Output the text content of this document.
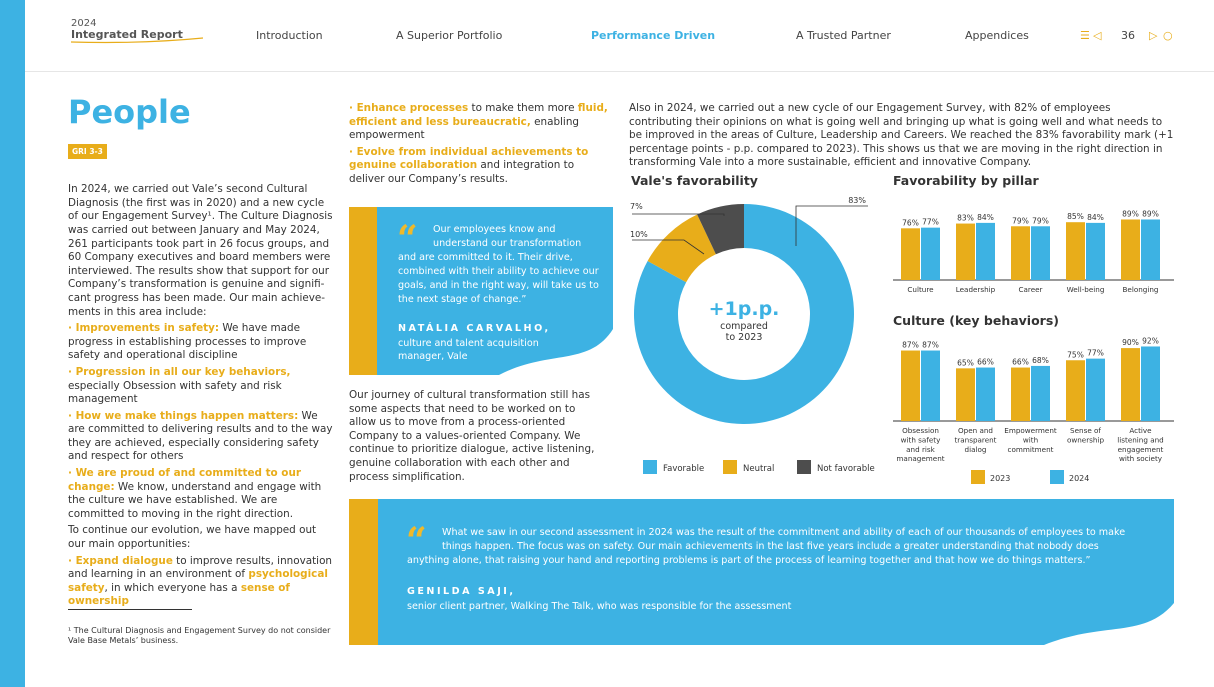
2024
Integrated Report	Introduction	A Superior Portfolio	Performance Driven	A Trusted Partner	Appendices	☰ ◁ 36 ▷ ○
People
GRI 3-3

In 2024, we carried out Vale’s second Cultural Diagnosis (the first was in 2020) and a new cycle of our Engagement Survey¹. The Culture Diagnosis was carried out between January and May 2024, 261 participants took part in 26 focus groups, and 60 Company executives and board members were interviewed. The results show that support for our Company’s transformation is genuine and signifi-cant progress has been made. Our main achieve-ments in this area include:

· Improvements in safety: We have made progress in establishing processes to improve safety and operational discipline

· Progression in all our key behaviors, especially Obsession with safety and risk management

· How we make things happen matters: We are committed to delivering results and to the way they are achieved, especially considering safety and respect for others

· We are proud of and committed to our change: We know, understand and engage with the culture we have established. We are committed to moving in the right direction.

To continue our evolution, we have mapped out our main opportunities:

· Expand dialogue to improve results, innovation and learning in an environment of psychological safety, in which everyone has a sense of ownership

¹ The Cultural Diagnosis and Engagement Survey do not consider Vale Base Metals’ business.

· Enhance processes to make them more fluid, efficient and less bureaucratic, enabling empowerment

· Evolve from individual achievements to genuine collaboration and integration to deliver our Company’s results.

“ Our employees know and
understand our transformation
and are committed to it. Their drive,
combined with their ability to achieve our
goals, and in the right way, will take us to
the next stage of change.”
NATÁLIA CARVALHO,
culture and talent acquisition
manager, Vale

Our journey of cultural transformation still has some aspects that need to be worked on to allow us to move from a process-oriented Company to a values-oriented Company. We continue to prioritize dialogue, active listening, genuine collaboration with each other and process simplification.

Also in 2024, we carried out a new cycle of our Engagement Survey, with 82% of employees contributing their opinions on what is going well and bringing up what is going well and what needs to be improved in the areas of Culture, Leadership and Careers. We reached the 83% favorability mark (+1 percentage points - p.p. compared to 2023). This shows us that we are moving in the right direction in transforming Vale into a more sustainable, efficient and innovative Company.

Vale's favorability
83%
10%
7%
+1p.p.
compared
to 2023
Favorable	Neutral	Not favorable
Favorability by pillar
76% 77%
Culture
83% 84%
Leadership
79% 79%
Career
85% 84%
Well-being
89% 89%
Belonging
Culture (key behaviors)
87% 87%
Obsession
with safety
and risk
management
65% 66%
Open and
transparent
dialog
66% 68%
Empowerment
with
commitment
75% 77%
Sense of
ownership
90% 92%
Active
listening and
engagement
with society
2023	2024
“ What we saw in our second assessment in 2024 was the result of the commitment and ability of each of our thousands of employees to make
things happen. The focus was on safety. Our main achievements in the last five years include a greater understanding that nobody does
anything alone, that raising your hand and reporting problems is part of the process of learning together and that how we do things matters.”
GENILDA SAJI,
senior client partner, Walking The Talk, who was responsible for the assessment
